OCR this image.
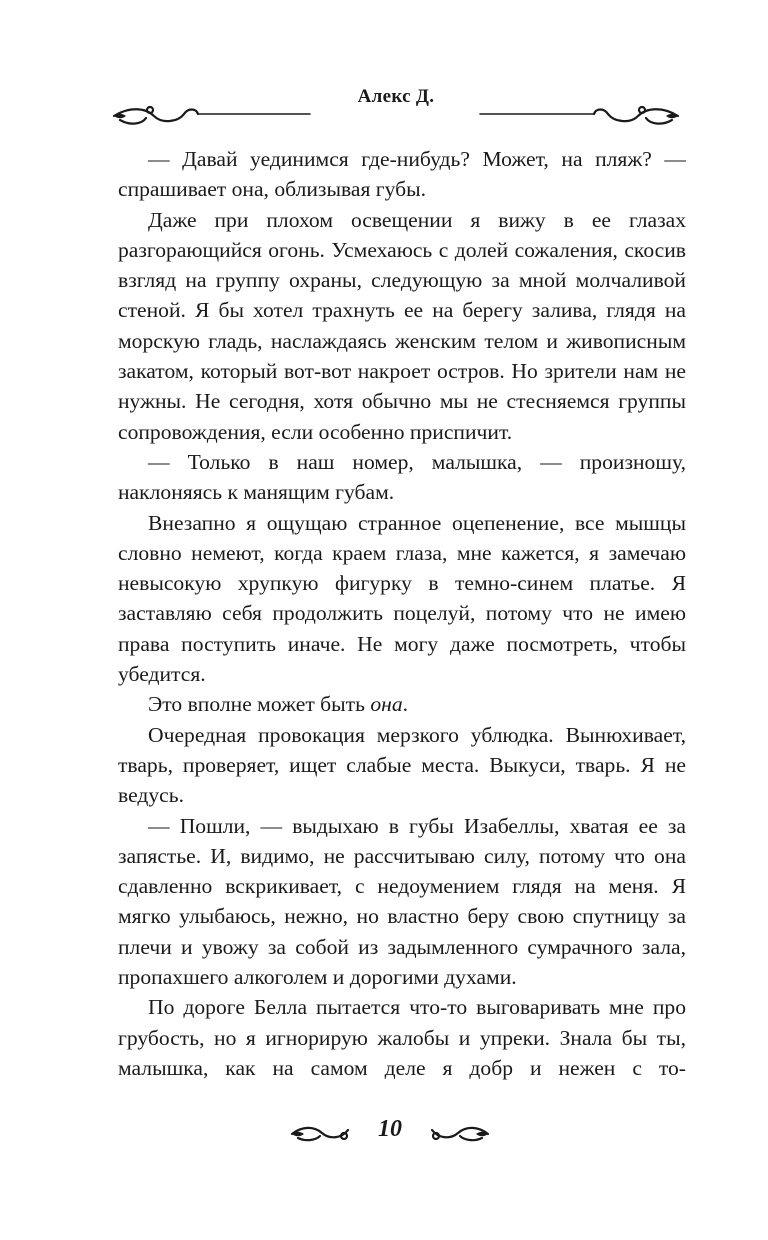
Алекс Д.

— Давай уединимся где-нибудь? Может, на пляж? — спрашивает она, облизывая губы.

Даже при плохом освещении я вижу в ее глазах разгорающийся огонь. Усмехаюсь с долей сожаления, скосив взгляд на группу охраны, следующую за мной молчаливой стеной. Я бы хотел трахнуть ее на берегу залива, глядя на морскую гладь, наслаждаясь женским телом и живописным закатом, который вот-вот накроет остров. Но зрители нам не нужны. Не сегодня, хотя обычно мы не стесняемся группы сопровождения, если особенно приспичит.

— Только в наш номер, малышка, — произношу, наклоняясь к манящим губам.

Внезапно я ощущаю странное оцепенение, все мышцы словно немеют, когда краем глаза, мне кажется, я замечаю невысокую хрупкую фигурку в темно-синем платье. Я заставляю себя продолжить поцелуй, потому что не имею права поступить иначе. Не могу даже посмотреть, чтобы убедится.

Это вполне может быть она.

Очередная провокация мерзкого ублюдка. Вынюхивает, тварь, проверяет, ищет слабые места. Выкуси, тварь. Я не ведусь.

— Пошли, — выдыхаю в губы Изабеллы, хватая ее за запястье. И, видимо, не рассчитываю силу, потому что она сдавленно вскрикивает, с недоумением глядя на меня. Я мягко улыбаюсь, нежно, но властно беру свою спутницу за плечи и увожу за собой из задымленного сумрачного зала, пропахшего алкоголем и дорогими духами.

По дороге Белла пытается что-то выговаривать мне про грубость, но я игнорирую жалобы и упреки. Знала бы ты, малышка, как на самом деле я добр и нежен с то-

10
